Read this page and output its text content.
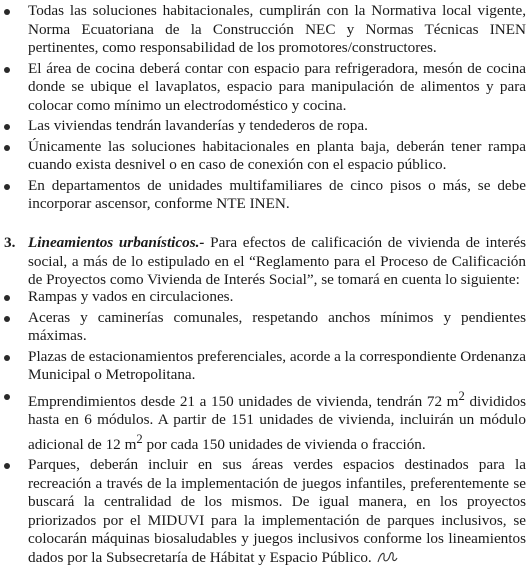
Todas las soluciones habitacionales, cumplirán con la Normativa local vigente, Norma Ecuatoriana de la Construcción NEC y Normas Técnicas INEN pertinentes, como responsabilidad de los promotores/constructores.
El área de cocina deberá contar con espacio para refrigeradora, mesón de cocina donde se ubique el lavaplatos, espacio para manipulación de alimentos y para colocar como mínimo un electrodoméstico y cocina.
Las viviendas tendrán lavanderías y tendederos de ropa.
Únicamente las soluciones habitacionales en planta baja, deberán tener rampa cuando exista desnivel o en caso de conexión con el espacio público.
En departamentos de unidades multifamiliares de cinco pisos o más, se debe incorporar ascensor, conforme NTE INEN.
3. Lineamientos urbanísticos.- Para efectos de calificación de vivienda de interés social, a más de lo estipulado en el “Reglamento para el Proceso de Calificación de Proyectos como Vivienda de Interés Social”, se tomará en cuenta lo siguiente:
Rampas y vados en circulaciones.
Aceras y caminerías comunales, respetando anchos mínimos y pendientes máximas.
Plazas de estacionamientos preferenciales, acorde a la correspondiente Ordenanza Municipal o Metropolitana.
Emprendimientos desde 21 a 150 unidades de vivienda, tendrán 72 $m^2$ divididos hasta en 6 módulos. A partir de 151 unidades de vivienda, incluirán un módulo adicional de 12 $m^2$ por cada 150 unidades de vivienda o fracción.
Parques, deberán incluir en sus áreas verdes espacios destinados para la recreación a través de la implementación de juegos infantiles, preferentemente se buscará la centralidad de los mismos. De igual manera, en los proyectos priorizados por el MIDUVI para la implementación de parques inclusivos, se colocarán máquinas biosaludables y juegos inclusivos conforme los lineamientos dados por la Subsecretaría de Hábitat y Espacio Público.
